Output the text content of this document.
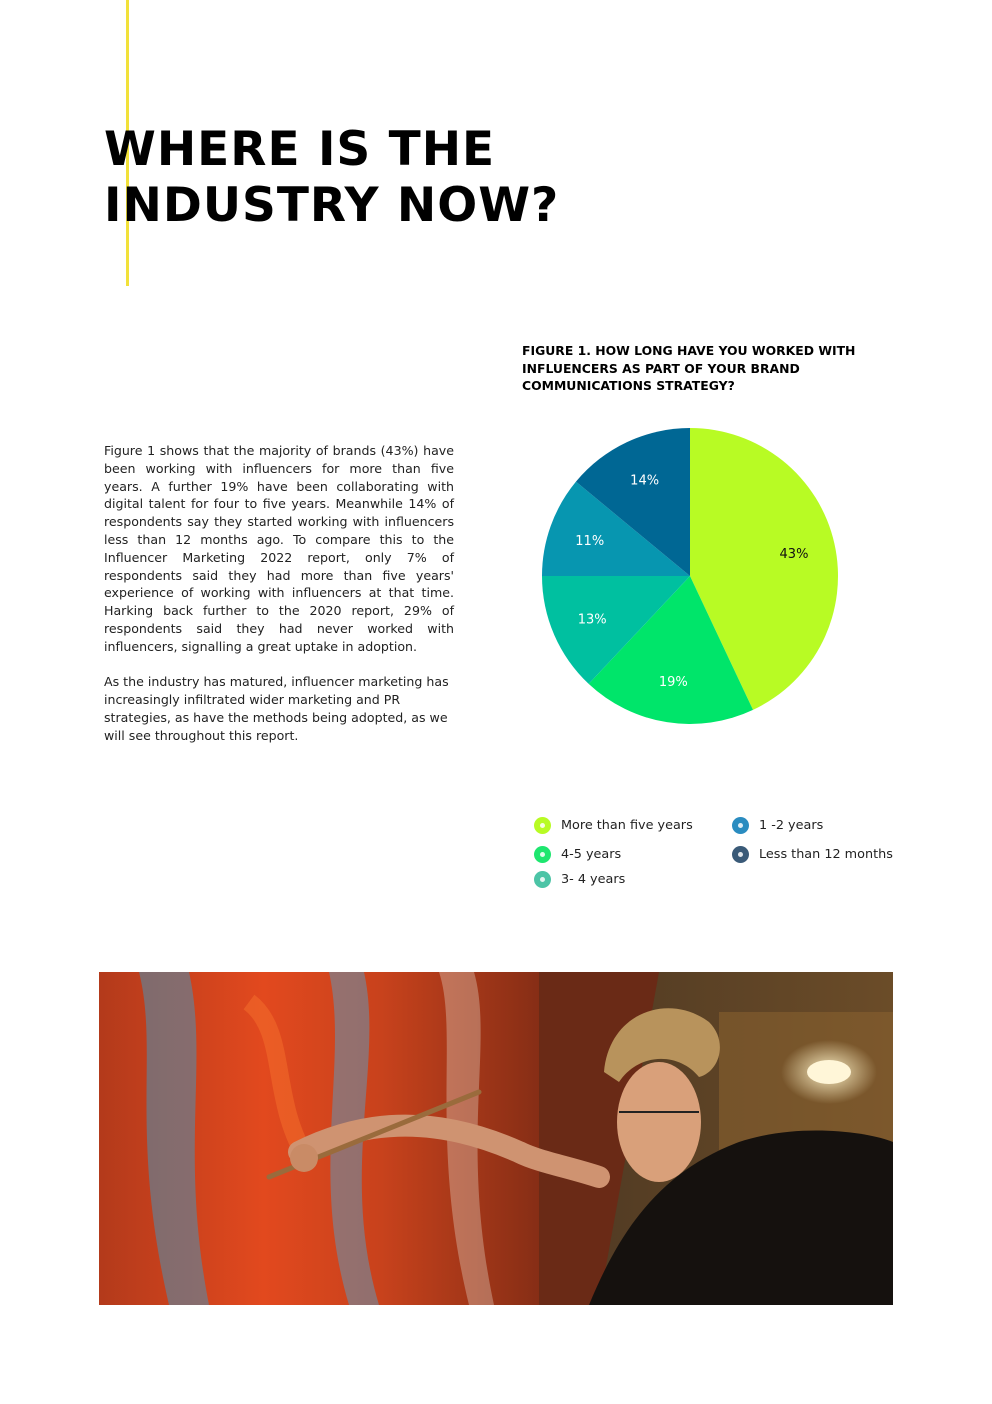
WHERE IS THE
INDUSTRY NOW?
FIGURE 1. HOW LONG HAVE YOU WORKED WITH INFLUENCERS AS PART OF YOUR BRAND COMMUNICATIONS STRATEGY?

Figure 1 shows that the majority of brands (43%) have been working with influencers for more than five years. A further 19% have been collaborating with digital talent for four to five years. Meanwhile 14% of respondents say they started working with influencers less than 12 months ago. To compare this to the Influencer Marketing 2022 report, only 7% of respondents said they had more than five years' experience of working with influencers at that time. Harking back further to the 2020 report, 29% of respondents said they had never worked with influencers, signalling a great uptake in adoption.

As the industry has matured, influencer marketing has increasingly infiltrated wider marketing and PR strategies, as have the methods being adopted, as we will see throughout this report.

43%
19%
13%
11%
14%
More than five years
4-5 years
3- 4 years
1 -2 years
Less than 12 months
